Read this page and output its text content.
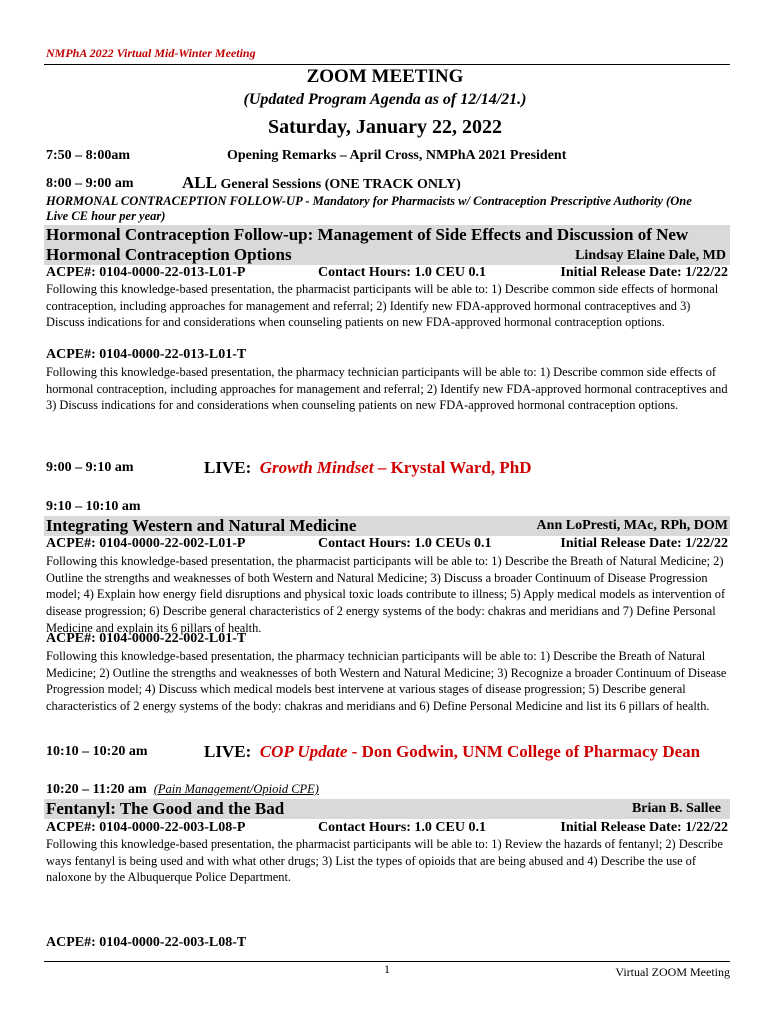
NMPhA 2022 Virtual Mid-Winter Meeting
ZOOM MEETING
(Updated Program Agenda as of 12/14/21.)
Saturday, January 22, 2022
7:50 – 8:00am	Opening Remarks – April Cross, NMPhA 2021 President
8:00 – 9:00 am	ALL General Sessions (ONE TRACK ONLY)
HORMONAL CONTRACEPTION FOLLOW-UP - Mandatory for Pharmacists w/ Contraception Prescriptive Authority (One Live CE hour per year)
Hormonal Contraception Follow-up: Management of Side Effects and Discussion of New
Hormonal Contraception Options	Lindsay Elaine Dale, MD
ACPE#: 0104-0000-22-013-L01-P	Contact Hours: 1.0 CEU 0.1	Initial Release Date: 1/22/22
Following this knowledge-based presentation, the pharmacist participants will be able to: 1) Describe common side effects of hormonal contraception, including approaches for management and referral; 2) Identify new FDA-approved hormonal contraceptives and 3) Discuss indications for and considerations when counseling patients on new FDA-approved hormonal contraception options.
ACPE#: 0104-0000-22-013-L01-T
Following this knowledge-based presentation, the pharmacy technician participants will be able to: 1) Describe common side effects of hormonal contraception, including approaches for management and referral; 2) Identify new FDA-approved hormonal contraceptives and 3) Discuss indications for and considerations when counseling patients on new FDA-approved hormonal contraception options.
9:00 – 9:10 am	LIVE: Growth Mindset – Krystal Ward, PhD
9:10 – 10:10 am
Integrating Western and Natural Medicine	Ann LoPresti, MAc, RPh, DOM
ACPE#: 0104-0000-22-002-L01-P	Contact Hours: 1.0 CEUs 0.1	Initial Release Date: 1/22/22
Following this knowledge-based presentation, the pharmacist participants will be able to: 1) Describe the Breath of Natural Medicine; 2) Outline the strengths and weaknesses of both Western and Natural Medicine; 3) Discuss a broader Continuum of Disease Progression model; 4) Explain how energy field disruptions and physical toxic loads contribute to illness; 5) Apply medical models as intervention of disease progression; 6) Describe general characteristics of 2 energy systems of the body: chakras and meridians and 7) Define Personal Medicine and explain its 6 pillars of health.
ACPE#: 0104-0000-22-002-L01-T
Following this knowledge-based presentation, the pharmacy technician participants will be able to: 1) Describe the Breath of Natural Medicine; 2) Outline the strengths and weaknesses of both Western and Natural Medicine; 3) Recognize a broader Continuum of Disease Progression model; 4) Discuss which medical models best intervene at various stages of disease progression; 5) Describe general characteristics of 2 energy systems of the body: chakras and meridians and 6) Define Personal Medicine and list its 6 pillars of health.
10:10 – 10:20 am	LIVE: COP Update - Don Godwin, UNM College of Pharmacy Dean
10:20 – 11:20 am (Pain Management/Opioid CPE)
Fentanyl: The Good and the Bad	Brian B. Sallee
ACPE#: 0104-0000-22-003-L08-P	Contact Hours: 1.0 CEU 0.1	Initial Release Date: 1/22/22
Following this knowledge-based presentation, the pharmacist participants will be able to: 1) Review the hazards of fentanyl; 2) Describe ways fentanyl is being used and with what other drugs; 3) List the types of opioids that are being abused and 4) Describe the use of naloxone by the Albuquerque Police Department.
ACPE#: 0104-0000-22-003-L08-T
1	Virtual ZOOM Meeting
